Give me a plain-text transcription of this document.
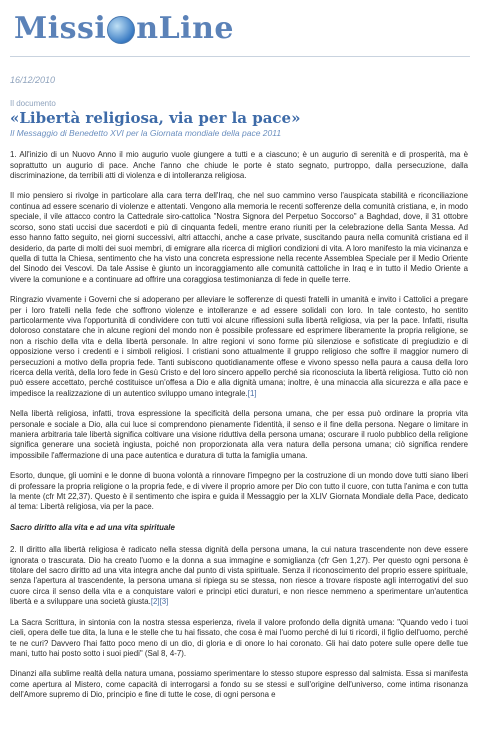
Missi nLine
16/12/2010
Il documento
«Libertà religiosa, via per la pace»
Il Messaggio di Benedetto XVI per la Giornata mondiale della pace 2011

1. All'inizio di un Nuovo Anno il mio augurio vuole giungere a tutti e a ciascuno; è un augurio di serenità e di prosperità, ma è soprattutto un augurio di pace. Anche l'anno che chiude le porte è stato segnato, purtroppo, dalla persecuzione, dalla discriminazione, da terribili atti di violenza e di intolleranza religiosa.

Il mio pensiero si rivolge in particolare alla cara terra dell'Iraq, che nel suo cammino verso l'auspicata stabilità e riconciliazione continua ad essere scenario di violenze e attentati. Vengono alla memoria le recenti sofferenze della comunità cristiana, e, in modo speciale, il vile attacco contro la Cattedrale siro-cattolica "Nostra Signora del Perpetuo Soccorso" a Baghdad, dove, il 31 ottobre scorso, sono stati uccisi due sacerdoti e più di cinquanta fedeli, mentre erano riuniti per la celebrazione della Santa Messa. Ad esso hanno fatto seguito, nei giorni successivi, altri attacchi, anche a case private, suscitando paura nella comunità cristiana ed il desiderio, da parte di molti dei suoi membri, di emigrare alla ricerca di migliori condizioni di vita. A loro manifesto la mia vicinanza e quella di tutta la Chiesa, sentimento che ha visto una concreta espressione nella recente Assemblea Speciale per il Medio Oriente del Sinodo dei Vescovi. Da tale Assise è giunto un incoraggiamento alle comunità cattoliche in Iraq e in tutto il Medio Oriente a vivere la comunione e a continuare ad offrire una coraggiosa testimonianza di fede in quelle terre.

Ringrazio vivamente i Governi che si adoperano per alleviare le sofferenze di questi fratelli in umanità e invito i Cattolici a pregare per i loro fratelli nella fede che soffrono violenze e intolleranze e ad essere solidali con loro. In tale contesto, ho sentito particolarmente viva l'opportunità di condividere con tutti voi alcune riflessioni sulla libertà religiosa, via per la pace. Infatti, risulta doloroso constatare che in alcune regioni del mondo non è possibile professare ed esprimere liberamente la propria religione, se non a rischio della vita e della libertà personale. In altre regioni vi sono forme più silenziose e sofisticate di pregiudizio e di opposizione verso i credenti e i simboli religiosi. I cristiani sono attualmente il gruppo religioso che soffre il maggior numero di persecuzioni a motivo della propria fede. Tanti subiscono quotidianamente offese e vivono spesso nella paura a causa della loro ricerca della verità, della loro fede in Gesù Cristo e del loro sincero appello perché sia riconosciuta la libertà religiosa. Tutto ciò non può essere accettato, perché costituisce un'offesa a Dio e alla dignità umana; inoltre, è una minaccia alla sicurezza e alla pace e impedisce la realizzazione di un autentico sviluppo umano integrale.[1]

Nella libertà religiosa, infatti, trova espressione la specificità della persona umana, che per essa può ordinare la propria vita personale e sociale a Dio, alla cui luce si comprendono pienamente l'identità, il senso e il fine della persona. Negare o limitare in maniera arbitraria tale libertà significa coltivare una visione riduttiva della persona umana; oscurare il ruolo pubblico della religione significa generare una società ingiusta, poiché non proporzionata alla vera natura della persona umana; ciò significa rendere impossibile l'affermazione di una pace autentica e duratura di tutta la famiglia umana.

Esorto, dunque, gli uomini e le donne di buona volontà a rinnovare l'impegno per la costruzione di un mondo dove tutti siano liberi di professare la propria religione o la propria fede, e di vivere il proprio amore per Dio con tutto il cuore, con tutta l'anima e con tutta la mente (cfr Mt 22,37). Questo è il sentimento che ispira e guida il Messaggio per la XLIV Giornata Mondiale della Pace, dedicato al tema: Libertà religiosa, via per la pace.

Sacro diritto alla vita e ad una vita spirituale

2. Il diritto alla libertà religiosa è radicato nella stessa dignità della persona umana, la cui natura trascendente non deve essere ignorata o trascurata. Dio ha creato l'uomo e la donna a sua immagine e somiglianza (cfr Gen 1,27). Per questo ogni persona è titolare del sacro diritto ad una vita integra anche dal punto di vista spirituale. Senza il riconoscimento del proprio essere spirituale, senza l'apertura al trascendente, la persona umana si ripiega su se stessa, non riesce a trovare risposte agli interrogativi del suo cuore circa il senso della vita e a conquistare valori e principi etici duraturi, e non riesce nemmeno a sperimentare un'autentica libertà e a sviluppare una società giusta.[2][3]

La Sacra Scrittura, in sintonia con la nostra stessa esperienza, rivela il valore profondo della dignità umana: "Quando vedo i tuoi cieli, opera delle tue dita, la luna e le stelle che tu hai fissato, che cosa è mai l'uomo perché di lui ti ricordi, il figlio dell'uomo, perché te ne curi? Davvero l'hai fatto poco meno di un dio, di gloria e di onore lo hai coronato. Gli hai dato potere sulle opere delle tue mani, tutto hai posto sotto i suoi piedi" (Sal 8, 4-7).

Dinanzi alla sublime realtà della natura umana, possiamo sperimentare lo stesso stupore espresso dal salmista. Essa si manifesta come apertura al Mistero, come capacità di interrogarsi a fondo su se stessi e sull'origine dell'universo, come intima risonanza dell'Amore supremo di Dio, principio e fine di tutte le cose, di ogni persona e
